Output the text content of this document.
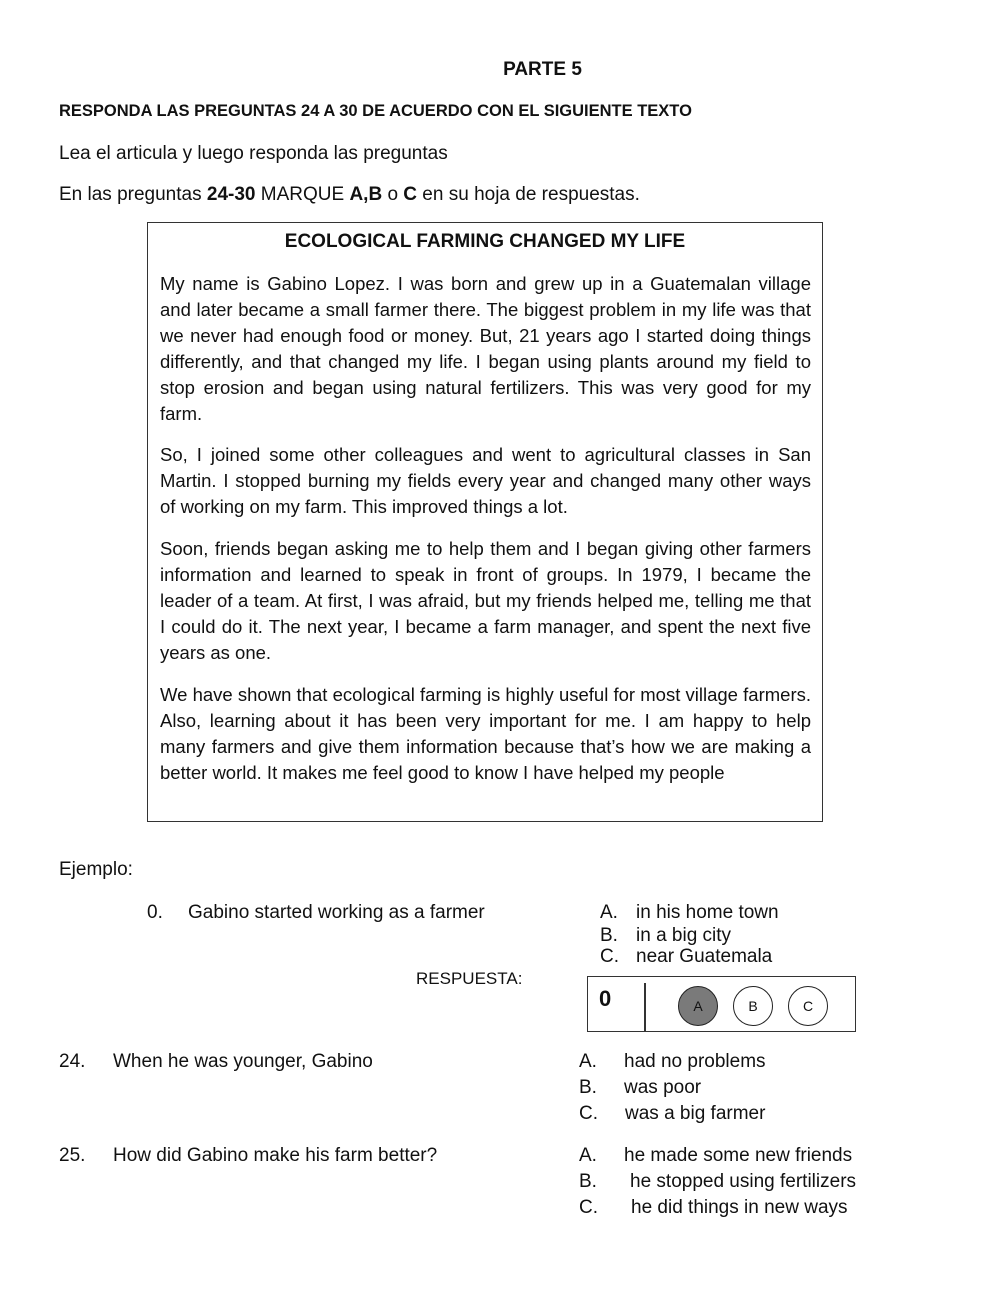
PARTE 5
RESPONDA LAS PREGUNTAS 24 A 30 DE ACUERDO CON EL SIGUIENTE TEXTO
Lea el articula y luego responda las preguntas
En las preguntas 24-30 MARQUE A,B o C en su hoja de respuestas.
ECOLOGICAL FARMING CHANGED MY LIFE
My name is Gabino Lopez. I was born and grew up in a Guatemalan village and later became a small farmer there. The biggest problem in my life was that we never had enough food or money. But, 21 years ago I started doing things differently, and that changed my life. I began using plants around my field to stop erosion and began using natural fertilizers. This was very good for my farm.
So, I joined some other colleagues and went to agricultural classes in San Martin. I stopped burning my fields every year and changed many other ways of working on my farm. This improved things a lot.
Soon, friends began asking me to help them and I began giving other farmers information and learned to speak in front of groups. In 1979, I became the leader of a team. At first, I was afraid, but my friends helped me, telling me that I could do it. The next year, I became a farm manager, and spent the next five years as one.
We have shown that ecological farming is highly useful for most village farmers. Also, learning about it has been very important for me. I am happy to help many farmers and give them information because that’s how we are making a better world. It makes me feel good to know I have helped my people
Ejemplo:
0. Gabino started working as a farmer	A. in his home town
B. in a big city
C. near Guatemala
RESPUESTA:
0	A	B	C
24. When he was younger, Gabino	A. had no problems
B. was poor
C. was a big farmer
25. How did Gabino make his farm better?	A. he made some new friends
B. he stopped using fertilizers
C. he did things in new ways
